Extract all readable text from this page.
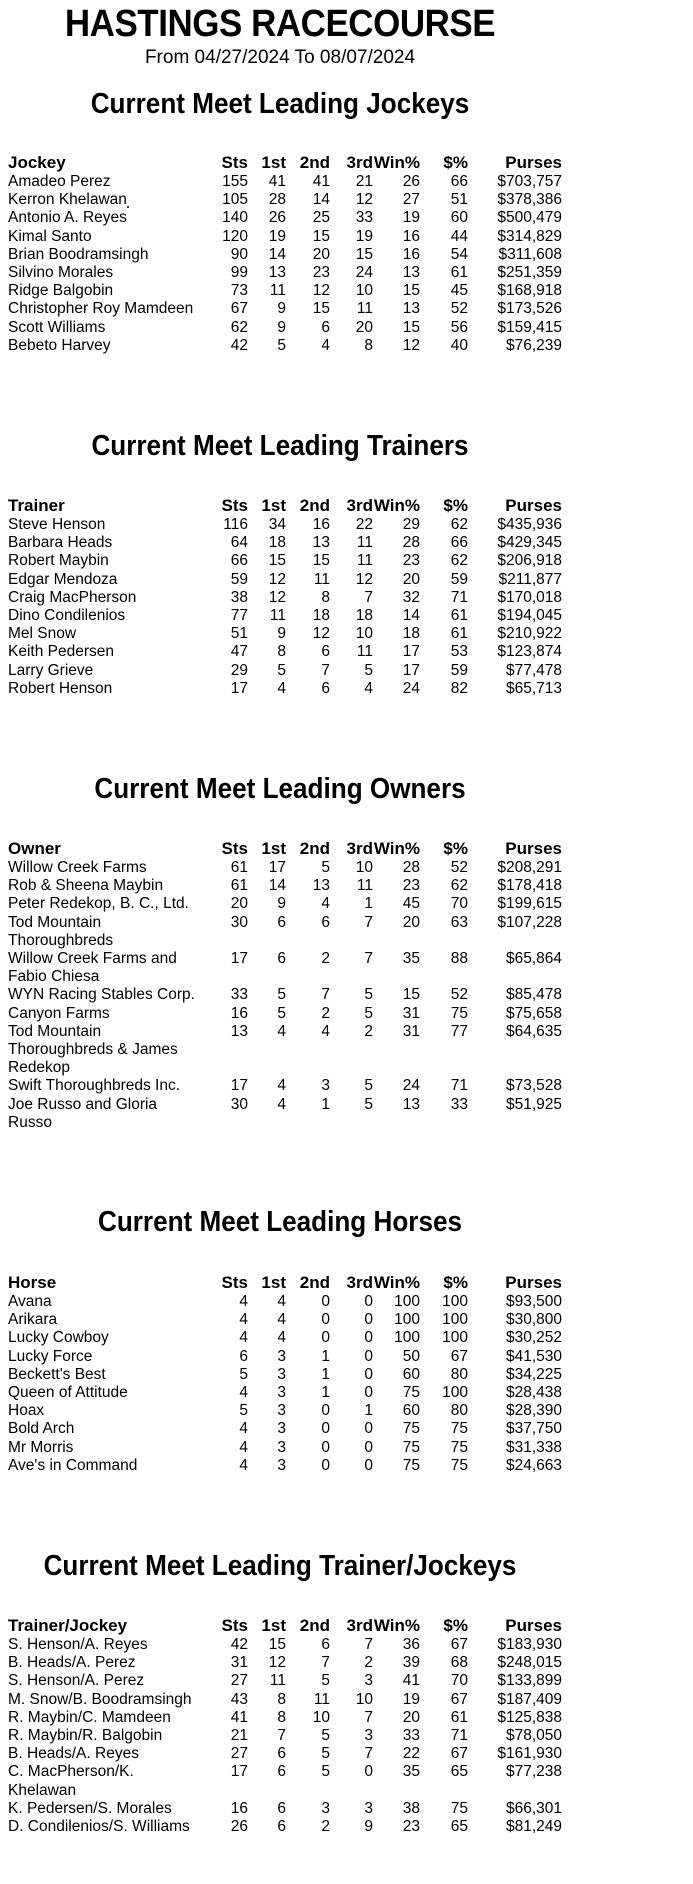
HASTINGS RACECOURSE
From 04/27/2024 To 08/07/2024
Current Meet Leading Jockeys
Jockey	Sts	1st	2nd	3rd	Win%	$%	Purses
Amadeo Perez	155	41	41	21	26	66	$703,757
Kerron Khelawan	105	28	14	12	27	51	$378,386
Antonio A. Reyes	140	26	25	33	19	60	$500,479
Kimal Santo	120	19	15	19	16	44	$314,829
Brian Boodramsingh	90	14	20	15	16	54	$311,608
Silvino Morales	99	13	23	24	13	61	$251,359
Ridge Balgobin	73	11	12	10	15	45	$168,918
Christopher Roy Mamdeen	67	9	15	11	13	52	$173,526
Scott Williams	62	9	6	20	15	56	$159,415
Bebeto Harvey	42	5	4	8	12	40	$76,239
Current Meet Leading Trainers
Trainer	Sts	1st	2nd	3rd	Win%	$%	Purses
Steve Henson	116	34	16	22	29	62	$435,936
Barbara Heads	64	18	13	11	28	66	$429,345
Robert Maybin	66	15	15	11	23	62	$206,918
Edgar Mendoza	59	12	11	12	20	59	$211,877
Craig MacPherson	38	12	8	7	32	71	$170,018
Dino Condilenios	77	11	18	18	14	61	$194,045
Mel Snow	51	9	12	10	18	61	$210,922
Keith Pedersen	47	8	6	11	17	53	$123,874
Larry Grieve	29	5	7	5	17	59	$77,478
Robert Henson	17	4	6	4	24	82	$65,713
Current Meet Leading Owners
Owner	Sts	1st	2nd	3rd	Win%	$%	Purses
Willow Creek Farms	61	17	5	10	28	52	$208,291
Rob & Sheena Maybin	61	14	13	11	23	62	$178,418
Peter Redekop, B. C., Ltd.	20	9	4	1	45	70	$199,615
Tod Mountain Thoroughbreds	30	6	6	7	20	63	$107,228
Willow Creek Farms and Fabio Chiesa	17	6	2	7	35	88	$65,864
WYN Racing Stables Corp.	33	5	7	5	15	52	$85,478
Canyon Farms	16	5	2	5	31	75	$75,658
Tod Mountain Thoroughbreds & James Redekop	13	4	4	2	31	77	$64,635
Swift Thoroughbreds Inc.	17	4	3	5	24	71	$73,528
Joe Russo and Gloria Russo	30	4	1	5	13	33	$51,925
Current Meet Leading Horses
Horse	Sts	1st	2nd	3rd	Win%	$%	Purses
Avana	4	4	0	0	100	100	$93,500
Arikara	4	4	0	0	100	100	$30,800
Lucky Cowboy	4	4	0	0	100	100	$30,252
Lucky Force	6	3	1	0	50	67	$41,530
Beckett's Best	5	3	1	0	60	80	$34,225
Queen of Attitude	4	3	1	0	75	100	$28,438
Hoax	5	3	0	1	60	80	$28,390
Bold Arch	4	3	0	0	75	75	$37,750
Mr Morris	4	3	0	0	75	75	$31,338
Ave's in Command	4	3	0	0	75	75	$24,663
Current Meet Leading Trainer/Jockeys
Trainer/Jockey	Sts	1st	2nd	3rd	Win%	$%	Purses
S. Henson/A. Reyes	42	15	6	7	36	67	$183,930
B. Heads/A. Perez	31	12	7	2	39	68	$248,015
S. Henson/A. Perez	27	11	5	3	41	70	$133,899
M. Snow/B. Boodramsingh	43	8	11	10	19	67	$187,409
R. Maybin/C. Mamdeen	41	8	10	7	20	61	$125,838
R. Maybin/R. Balgobin	21	7	5	3	33	71	$78,050
B. Heads/A. Reyes	27	6	5	7	22	67	$161,930
C. MacPherson/K. Khelawan	17	6	5	0	35	65	$77,238
K. Pedersen/S. Morales	16	6	3	3	38	75	$66,301
D. Condilenios/S. Williams	26	6	2	9	23	65	$81,249
